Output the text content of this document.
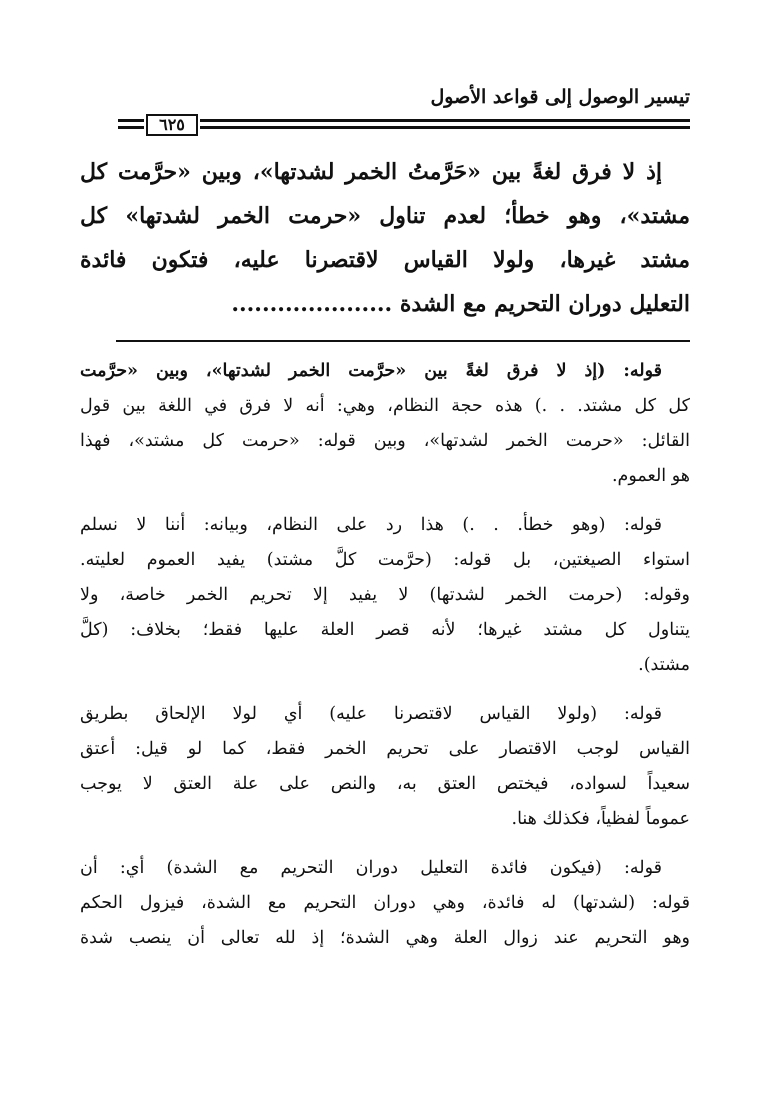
تيسير الوصول إلى قواعد الأصول
٦٢٥
إذ لا فرق لغةً بين «حَرَّمتُ الخمر لشدتها»، وبين «حرَّمت كل
مشتد»، وهو خطأ؛ لعدم تناول «حرمت الخمر لشدتها» كل
مشتد غيرها، ولولا القياس لاقتصرنا عليه، فتكون فائدة
التعليل دوران التحريم مع الشدة .....................

قوله: (إذ لا فرق لغةً بين «حرَّمت الخمر لشدتها»، وبين «حرَّمت
كل كل مشتد. . .) هذه حجة النظام، وهي: أنه لا فرق في اللغة بين قول
القائل: «حرمت الخمر لشدتها»، وبين قوله: «حرمت كل مشتد»، فهذا
هو العموم.

قوله: (وهو خطأ. . .) هذا رد على النظام، وبيانه: أننا لا نسلم
استواء الصيغتين، بل قوله: (حرَّمت كلَّ مشتد) يفيد العموم لعليته.
وقوله: (حرمت الخمر لشدتها) لا يفيد إلا تحريم الخمر خاصة، ولا
يتناول كل مشتد غيرها؛ لأنه قصر العلة عليها فقط؛ بخلاف: (كلَّ
مشتد).

قوله: (ولولا القياس لاقتصرنا عليه) أي لولا الإلحاق بطريق
القياس لوجب الاقتصار على تحريم الخمر فقط، كما لو قيل: أعتق
سعيداً لسواده، فيختص العتق به، والنص على علة العتق لا يوجب
عموماً لفظياً، فكذلك هنا.

قوله: (فيكون فائدة التعليل دوران التحريم مع الشدة) أي: أن
قوله: (لشدتها) له فائدة، وهي دوران التحريم مع الشدة، فيزول الحكم
وهو التحريم عند زوال العلة وهي الشدة؛ إذ لله تعالى أن ينصب شدة
